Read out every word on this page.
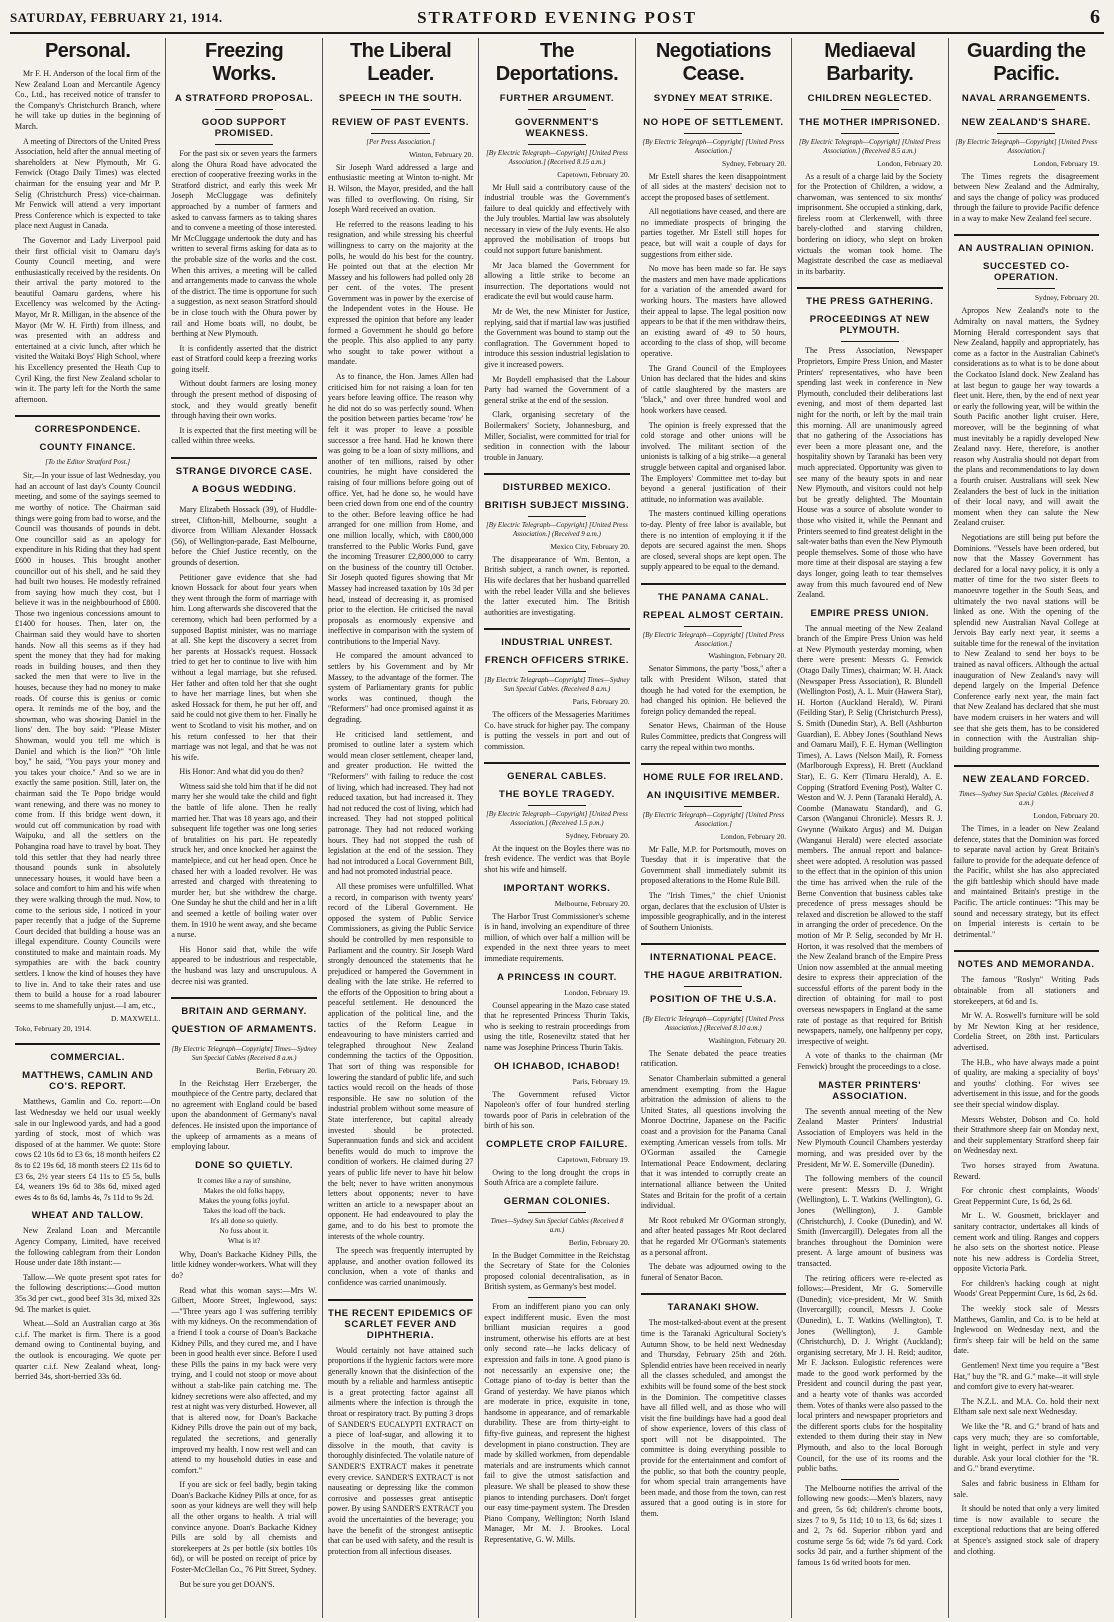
SATURDAY, FEBRUARY 21, 1914.	STRATFORD EVENING POST	6
Personal.

Mr F. H. Anderson of the local firm of the New Zealand Loan and Mercantile Agency Co., Ltd., has received notice of transfer to the Company's Christchurch Branch, where he will take up duties in the beginning of March.

A meeting of Directors of the United Press Association, held after the annual meeting of shareholders at New Plymouth, Mr G. Fenwick (Otago Daily Times) was elected chairman for the ensuing year and Mr P. Selig (Christchurch Press) vice-chairman. Mr Fenwick will attend a very important Press Conference which is expected to take place next August in Canada.

The Governor and Lady Liverpool paid their first official visit to Oamaru day's County Council meeting, and were enthusiastically received by the residents. On their arrival the party motored to the beautiful Oamaru gardens, where his Excellency was welcomed by the Acting-Mayor, Mr R. Milligan, in the absence of the Mayor (Mr W. H. Firth) from illness, and was presented with an address and entertained at a civic lunch, after which he visited the Waitaki Boys' High School, where his Excellency presented the Heath Cup to Cyril King, the first New Zealand scholar to win it. The party left for the North the same afternoon.

CORRESPONDENCE.
COUNTY FINANCE.
[To the Editor Stratford Post.]

Sir,—In your issue of last Wednesday, you had an account of last day's County Council meeting, and some of the sayings seemed to me worthy of notice. The Chairman said things were going from bad to worse, and the Council was thousands of pounds in debt. One councillor said as an apology for expenditure in his Riding that they had spent £600 in houses. This brought another councillor out of his shell, and he said they had built two houses. He modestly refrained from saying how much they cost, but I believe it was in the neighbourhood of £800. Those two ingenious concessions amount to £1400 for houses. Then, later on, the Chairman said they would have to shorten hands. Now all this seems as if they had spent the money that they had for making roads in building houses, and then they sacked the men that were to live in the houses, because they had no money to make roads. Of course this is genius or comic opera. It reminds me of the boy, and the showman, who was showing Daniel in the lions' den. The boy said: "Please Mister Showman, would you tell me which is Daniel and which is the lion?" "Oh little boy," he said, "You pays your money and you takes your choice." And so we are in exactly the same position. Still, later on, the chairman said the Te Popo bridge would want renewing, and there was no money to come from. If this bridge went down, it would cut off communication by road with Waipuku, and all the settlers on the Pohangina road have to travel by boat. They told this settler that they had nearly three thousand pounds sunk in absolutely unnecessary houses, it would have been a solace and comfort to him and his wife when they were walking through the mud. Now, to come to the serious side, I noticed in your paper recently that a judge of the Supreme Court decided that building a house was an illegal expenditure. County Councils were constituted to make and maintain roads. My sympathies are with the back country settlers. I know the kind of houses they have to live in. And to take their rates and use them to build a house for a road labourer seems to me shamefully unjust.—I am, etc.,

D. MAXWELL.
Toko, February 20, 1914.
COMMERCIAL.
MATTHEWS, CAMLIN AND CO'S. REPORT.

Matthews, Gamlin and Co. report:—On last Wednesday we held our usual weekly sale in our Inglewood yards, and had a good yarding of stock, most of which was disposed of at the hammer. We quote: Store cows £2 10s 6d to £3 6s, 18 month heifers £2 8s to £2 19s 6d, 18 month steers £2 11s 6d to £3 6s, 2½ year steers £4 11s to £5 5s, bulls £4, weaners 19s 6d to 38s 6d, mixed aged ewes 4s to 8s 6d, lambs 4s, 7s 11d to 9s 2d.

WHEAT AND TALLOW.

New Zealand Loan and Mercantile Agency Company, Limited, have received the following cablegram from their London House under date 18th instant:—

Tallow.—We quote present spot rates for the following descriptions:—Good mutton 35s 3d per cwt., good beef 31s 3d, mixed 32s 9d. The market is quiet.

Wheat.—Sold an Australian cargo at 36s c.i.f. The market is firm. There is a good demand owing to Continental buying, and the outlook is encouraging. We quote per quarter c.i.f. New Zealand wheat, long-berried 34s, short-berried 33s 6d.

Freezing Works.
A STRATFORD PROPOSAL.
GOOD SUPPORT PROMISED.

For the past six or seven years the farmers along the Ohura Road have advocated the erection of cooperative freezing works in the Stratford district, and early this week Mr Joseph McCluggage was definitely approached by a number of farmers and asked to canvass farmers as to taking shares and to convene a meeting of those interested. Mr McCluggage undertook the duty and has written to several firms asking for data as to the probable size of the works and the cost. When this arrives, a meeting will be called and arrangements made to canvass the whole of the district. The time is opportune for such a suggestion, as next season Stratford should be in close touch with the Ohura power by rail and Home boats will, no doubt, be berthing at New Plymouth.

It is confidently asserted that the district east of Stratford could keep a freezing works going itself.

Without doubt farmers are losing money through the present method of disposing of stock, and they would greatly benefit through having their own works.

It is expected that the first meeting will be called within three weeks.

STRANGE DIVORCE CASE.
A BOGUS WEDDING.

Mary Elizabeth Hossack (39), of Huddle-street, Clifton-hill, Melbourne, sought a divorce from William Alexander Hossack (56), of Wellington-parade, East Melbourne, before the Chief Justice recently, on the grounds of desertion.

Petitioner gave evidence that she had known Hossack for about four years when they went through the form of marriage with him. Long afterwards she discovered that the ceremony, which had been performed by a supposed Baptist minister, was no marriage at all. She kept the discovery a secret from her parents at Hossack's request. Hossack tried to get her to continue to live with him without a legal marriage, but she refused. Her father and often told her that she ought to have her marriage lines, but when she asked Hossack for them, he put her off, and said he could not give them to her. Finally he went to Scotland to visit his mother, and on his return confessed to her that their marriage was not legal, and that he was not his wife.

His Honor: And what did you do then?

Witness said she told him that if he did not marry her she would take the child and fight the battle of life alone. Then he really married her. That was 18 years ago, and their subsequent life together was one long series of brutalities on his part. He repeatedly struck her, and once knocked her against the mantelpiece, and cut her head open. Once he chased her with a loaded revolver. He was arrested and charged with threatening to murder her, but she withdrew the charge. One Sunday he shut the child and her in a lift and seemed a kettle of boiling water over them. In 1910 he went away, and she became a nurse.

His Honor said that, while the wife appeared to be industrious and respectable, the husband was lazy and unscrupulous. A decree nisi was granted.

BRITAIN AND GERMANY.
QUESTION OF ARMAMENTS.
[By Electric Telegraph—Copyright] Times—Sydney Sun Special Cables (Received 8 a.m.)
Berlin, February 20.

In the Reichstag Herr Erzeberger, the mouthpiece of the Centre party, declared that no agreement with England could be based upon the abandonment of Germany's naval defences. He insisted upon the importance of the upkeep of armaments as a means of employing labour.

DONE SO QUIETLY.
It comes like a ray of sunshine,
Makes the old folks happy,
Makes the young folks joyful.
Takes the load off the back.
It's all done so quietly.
No fuss about it.
What is it?

Why, Doan's Backache Kidney Pills, the little kidney wonder-workers. What will they do?

Read what this woman says:—Mrs W. Gilbert, Moore Street, Inglewood, says:—"Three years ago I was suffering terribly with my kidneys. On the recommendation of a friend I took a course of Doan's Backache Kidney Pills, and they cured me, and I have been in good health ever since. Before I used these Pills the pains in my back were very trying, and I could not stoop or move about without a stab-like pain catching me. The kidney secretions were also affected, and my rest at night was very disturbed. However, all that is altered now, for Doan's Backache Kidney Pills drove the pain out of my back, regulated the secretions, and generally improved my health. I now rest well and can attend to my household duties in ease and comfort."

If you are sick or feel badly, begin taking Doan's Backache Kidney Pills at once, for as soon as your kidneys are well they will help all the other organs to health. A trial will convince anyone. Doan's Backache Kidney Pills are sold by all chemists and storekeepers at 2s per bottle (six bottles 10s 6d), or will be posted on receipt of price by Foster-McClellan Co., 76 Pitt Street, Sydney.

But be sure you get DOAN'S.

The Liberal Leader.
SPEECH IN THE SOUTH.
REVIEW OF PAST EVENTS.
[Per Press Association.]
Winton, February 20.

Sir Joseph Ward addressed a large and enthusiastic meeting at Winton to-night. Mr H. Wilson, the Mayor, presided, and the hall was filled to overflowing. On rising, Sir Joseph Ward received an ovation.

He referred to the reasons leading to his resignation, and while stressing his cheerful willingness to carry on the majority at the polls, he would do his best for the country. He pointed out that at the election Mr Massey and his followers had polled only 28 per cent. of the votes. The present Government was in power by the exercise of the Independent votes in the House. He expressed the opinion that before any leader formed a Government he should go before the people. This also applied to any party who sought to take power without a mandate.

As to finance, the Hon. James Allen had criticised him for not raising a loan for ten years before leaving office. The reason why he did not do so was perfectly sound. When the position between parties became 'row' he felt it was proper to leave a possible successor a free hand. Had he known there was going to be a loan of sixty millions, and another of ten millions, raised by other countries, he might have considered the raising of four millions before going out of office. Yet, had he done so, he would have been cried down from one end of the country to the other. Before leaving office he had arranged for one million from Home, and one million locally, which, with £800,000 transferred to the Public Works Fund, gave the incoming Treasurer £2,800,000 to carry on the business of the country till October. Sir Joseph quoted figures showing that Mr Massey had increased taxation by 10s 3d per head, instead of decreasing it, as promised prior to the election. He criticised the naval proposals as enormously expensive and ineffective in comparison with the system of contributions to the Imperial Navy.

He compared the amount advanced to settlers by his Government and by Mr Massey, to the advantage of the former. The system of Parliamentary grants for public works was continued, though the "Reformers" had once promised against it as degrading.

He criticised land settlement, and promised to outline later a system which would mean closer settlement, cheaper land, and greater production. He twitted the "Reformers" with failing to reduce the cost of living, which had increased. They had not reduced taxation, but had increased it. They had not reduced the cost of living, which had increased. They had not stopped political patronage. They had not reduced working hours. They had not stopped the rush of legislation at the end of the session. They had not introduced a Local Government Bill, and had not promoted industrial peace.

All these promises were unfulfilled. What a record, in comparison with twenty years' record of the Liberal Government. He opposed the system of Public Service Commissioners, as giving the Public Service should be controlled by men responsible to Parliament and the country. Sir Joseph Ward strongly denounced the statements that he prejudiced or hampered the Government in dealing with the late strike. He referred to the efforts of the Opposition to bring about a peaceful settlement. He denounced the application of the political line, and the tactics of the Reform League in endeavouring to have ministers carried and telegraphed throughout New Zealand condemning the tactics of the Opposition. That sort of thing was responsible for lowering the standard of public life, and such tactics would recoil on the heads of those responsible. He saw no solution of the industrial problem without some measure of State interference, but capital already invested should be protected. Superannuation funds and sick and accident benefits would do much to improve the condition of workers. He claimed during 27 years of public life never to have hit below the belt; never to have written anonymous letters about opponents; never to have written an article to a newspaper about an opponent. He had endeavoured to play the game, and to do his best to promote the interests of the whole country.

The speech was frequently interrupted by applause, and another ovation followed its conclusion, when a vote of thanks and confidence was carried unanimously.

THE RECENT EPIDEMICS OF SCARLET FEVER AND DIPHTHERIA.

Would certainly not have attained such proportions if the hygienic factors were more generally known that the disinfection of the mouth by a reliable and harmless antiseptic is a great protecting factor against all ailments where the infection is through the throat or respiratory tract. By putting 3 drops of SANDER'S EUCALYPTI EXTRACT on a piece of loaf-sugar, and allowing it to dissolve in the mouth, that cavity is thoroughly disinfected. The volatile nature of SANDER'S EXTRACT makes it penetrate every crevice. SANDER'S EXTRACT is not nauseating or depressing like the common corrosive and possesses great antiseptic power. By using SANDER'S EXTRACT you avoid the uncertainties of the beverage; you have the benefit of the strongest antiseptic that can be used with safety, and the result is protection from all infectious diseases.

The Deportations.
FURTHER ARGUMENT.
GOVERNMENT'S WEAKNESS.
[By Electric Telegraph—Copyright] [United Press Association.] (Received 8.15 a.m.)
Capetown, February 20.

Mr Hull said a contributory cause of the industrial trouble was the Government's failure to deal quickly and effectively with the July troubles. Martial law was absolutely necessary in view of the July events. He also approved the mobilisation of troops but could not support future banishment.

Mr Jaca blamed the Government for allowing a little strike to become an insurrection. The deportations would not eradicate the evil but would cause harm.

Mr de Wet, the new Minister for Justice, replying, said that if martial law was justified the Government was bound to stamp out the conflagration. The Government hoped to introduce this session industrial legislation to give it increased powers.

Mr Boydell emphasised that the Labour Party had warned the Government of a general strike at the end of the session.

Clark, organising secretary of the Boilermakers' Society, Johannesburg, and Miller, Socialist, were committed for trial for sedition in connection with the labour trouble in January.

DISTURBED MEXICO.
BRITISH SUBJECT MISSING.
[By Electric Telegraph—Copyright] [United Press Association.] (Received 9 a.m.)
Mexico City, February 20.

The disappearance of Wm. Benton, a British subject, a ranch owner, is reported. His wife declares that her husband quarrelled with the rebel leader Villa and she believes the latter executed him. The British authorities are investigating.

INDUSTRIAL UNREST.
FRENCH OFFICERS STRIKE.
[By Electric Telegraph—Copyright] Times—Sydney Sun Special Cables. (Received 8 a.m.)
Paris, February 20.

The officers of the Messageries Maritimes Co. have struck for higher pay. The company is putting the vessels in port and out of commission.

GENERAL CABLES.
THE BOYLE TRAGEDY.
[By Electric Telegraph—Copyright] [United Press Association.] (Received 1.5 p.m.)
Sydney, February 20.

At the inquest on the Boyles there was no fresh evidence. The verdict was that Boyle shot his wife and himself.

IMPORTANT WORKS.
Melbourne, February 20.

The Harbor Trust Commissioner's scheme is in hand, involving an expenditure of three million, of which over half a million will be expended in the next three years to meet immediate requirements.

A PRINCESS IN COURT.
London, February 19.

Counsel appearing in the Mazo case stated that he represented Princess Thurin Takis, who is seeking to restrain proceedings from using the title, Roseneviltz stated that her name was Josephine Princess Thurin Takis.

OH ICHABOD, ICHABOD!
Paris, February 19.

The Government refused Victor Napoleon's offer of four hundred sterling towards poor of Paris in celebration of the birth of his son.

COMPLETE CROP FAILURE.
Capetown, February 19.

Owing to the long drought the crops in South Africa are a complete failure.

GERMAN COLONIES.
Times—Sydney Sun Special Cables (Received 8 a.m.)
Berlin, February 20.

In the Budget Committee in the Reichstag the Secretary of State for the Colonies proposed colonial decentralisation, as in British system, as Germany's best model.

From an indifferent piano you can only expect indifferent music. Even the most brilliant musician requires a good instrument, otherwise his efforts are at best only second rate—he lacks delicacy of expression and fails in tone. A good piano is not necessarily an expensive one; the Cottage piano of to-day is better than the Grand of yesterday. We have pianos which are moderate in price, exquisite in tone, handsome in appearance, and of remarkable durability. These are from thirty-eight to fifty-five guineas, and represent the highest development in piano construction. They are made by skilled workmen, from dependable materials and are instruments which cannot fail to give the utmost satisfaction and pleasure. We shall be pleased to show these pianos to intending purchasers. Don't forget our easy time-payment system. The Dresden Piano Company, Wellington; North Island Manager, Mr M. J. Brookes. Local Representative, G. W. Mills.

Negotiations Cease.
SYDNEY MEAT STRIKE.
NO HOPE OF SETTLEMENT.
[By Electric Telegraph—Copyright] [United Press Association.]
Sydney, February 20.

Mr Estell shares the keen disappointment of all sides at the masters' decision not to accept the proposed bases of settlement.

All negotiations have ceased, and there are no immediate prospects of bringing the parties together. Mr Estell still hopes for peace, but will wait a couple of days for suggestions from either side.

No move has been made so far. He says the masters and men have made applications for a variation of the amended award for working hours. The masters have allowed their appeal to lapse. The legal position now appears to be that if the men withdraw theirs, an existing award of 49 to 50 hours, according to the class of shop, will become operative.

The Grand Council of the Employees Union has declared that the hides and skins of cattle slaughtered by the masters are "black," and over three hundred wool and hook workers have ceased.

The opinion is freely expressed that the cold storage and other unions will be involved. The militant section of the unionists is talking of a big strike—a general struggle between capital and organised labor. The Employers' Committee met to-day but beyond a general justification of their attitude, no information was available.

The masters continued killing operations to-day. Plenty of free labor is available, but there is no intention of employing it if the depots are secured against the men. Shops are closed, several shops are kept open. The supply appeared to be equal to the demand.

THE PANAMA CANAL.
REPEAL ALMOST CERTAIN.
[By Electric Telegraph—Copyright] [United Press Association.]
Washington, February 20.

Senator Simmons, the party "boss," after a talk with President Wilson, stated that though he had voted for the exemption, he had changed his opinion. He believed the foreign policy demanded the repeal.

Senator Hews, Chairman of the House Rules Committee, predicts that Congress will carry the repeal within two months.

HOME RULE FOR IRELAND.
AN INQUISITIVE MEMBER.
[By Electric Telegraph—Copyright] [United Press Association.]
London, February 20.

Mr Falle, M.P. for Portsmouth, moves on Tuesday that it is imperative that the Government shall immediately submit its proposed alterations to the Home Rule Bill.

The "Irish Times," the chief Unionist organ, declares that the exclusion of Ulster is impossible geographically, and in the interest of Southern Unionists.

INTERNATIONAL PEACE.
THE HAGUE ARBITRATION.
POSITION OF THE U.S.A.
[By Electric Telegraph—Copyright] [United Press Association.] (Received 8.10 a.m.)
Washington, February 20.

The Senate debated the peace treaties ratification.

Senator Chamberlain submitted a general amendment exempting from the Hague arbitration the admission of aliens to the United States, all questions involving the Monroe Doctrine, Japanese on the Pacific coast and a provision for the Panama Canal exempting American vessels from tolls. Mr O'Gorman assailed the Carnegie International Peace Endowment, declaring that it was intended to corruptly create an international alliance between the United States and Britain for the profit of a certain individual.

Mr Root rebuked Mr O'Gorman strongly, and after heated passages Mr Root declared that he regarded Mr O'Gorman's statements as a personal affront.

The debate was adjourned owing to the funeral of Senator Bacon.

TARANAKI SHOW.

The most-talked-about event at the present time is the Taranaki Agricultural Society's Autumn Show, to be held next Wednesday and Thursday, February 25th and 26th. Splendid entries have been received in nearly all the classes scheduled, and amongst the exhibits will be found some of the best stock in the Dominion. The competitive classes have all filled well, and as those who will visit the fine buildings have had a good deal of show experience, lovers of this class of sport will not be disappointed. The committee is doing everything possible to provide for the entertainment and comfort of the public, so that both the country people, for whom special train arrangements have been made, and those from the town, can rest assured that a good outing is in store for them.

Mediaeval Barbarity.
CHILDREN NEGLECTED.
THE MOTHER IMPRISONED.
[By Electric Telegraph—Copyright] [United Press Association.] (Received 8.5 a.m.)
London, February 20.

As a result of a charge laid by the Society for the Protection of Children, a widow, a charwoman, was sentenced to six months' imprisonment. She occupied a stinking, dark, fireless room at Clerkenwell, with three barely-clothed and starving children, bordering on idiocy, who slept on broken victuals the woman took home. The Magistrate described the case as mediaeval in its barbarity.

THE PRESS GATHERING.
PROCEEDINGS AT NEW PLYMOUTH.

The Press Association, Newspaper Proprietors, Empire Press Union, and Master Printers' representatives, who have been spending last week in conference in New Plymouth, concluded their deliberations last evening, and most of them departed last night for the north, or left by the mail train this morning. All are unanimously agreed that no gathering of the Associations has ever been a more pleasant one, and the hospitality shown by Taranaki has been very much appreciated. Opportunity was given to see many of the beauty spots in and near New Plymouth, and visitors could not help but be greatly delighted. The Mountain House was a source of absolute wonder to those who visited it, while the Pennant and Printers seemed to find greatest delight in the salt-water baths than even the New Plymouth people themselves. Some of those who have more time at their disposal are staying a few days longer, going leath to tear themselves away from this much favoured end of New Zealand.

EMPIRE PRESS UNION.

The annual meeting of the New Zealand branch of the Empire Press Union was held at New Plymouth yesterday morning, when there were present: Messrs G. Fenwick (Otago Daily Times), chairman; W. H. Atack (Newspaper Press Association), R. Blundell (Wellington Post), A. L. Muir (Hawera Star), H. Horton (Auckland Herald), W. Pirani (Feilding Star), P. Selig (Christchurch Press), S. Smith (Dunedin Star), A. Bell (Ashburton Guardian), E. Abbey Jones (Southland News and Oamaru Mail), F. E. Hyman (Wellington Times), A. Laws (Nelson Mail), R. Forness (Marlborough Express), H. Brett (Auckland Star), E. G. Kerr (Timaru Herald), A. E. Copping (Stratford Evening Post), Walter C. Weston and W. J. Penn (Taranaki Herald), A. Coombe (Manawatu Standard), and G. Carson (Wanganui Chronicle). Messrs R. J. Gwynne (Waikato Argus) and M. Duigan (Wanganui Herald) were elected associate members. The annual report and balance-sheet were adopted. A resolution was passed to the effect that in the opinion of this union the time has arrived when the rule of the Berne Convention that business cables take precedence of press messages should be relaxed and discretion be allowed to the staff in arranging the order of precedence. On the motion of Mr P. Selig, seconded by Mr H. Horton, it was resolved that the members of the New Zealand branch of the Empire Press Union now assembled at the annual meeting desire to express their appreciation of the successful efforts of the parent body in the direction of obtaining for mail to post overseas newspapers in England at the same rate of postage as that required for British newspapers, namely, one halfpenny per copy, irrespective of weight.

A vote of thanks to the chairman (Mr Fenwick) brought the proceedings to a close.

MASTER PRINTERS' ASSOCIATION.

The seventh annual meeting of the New Zealand Master Printers' Industrial Association of Employers was held in the New Plymouth Council Chambers yesterday morning, and was presided over by the President, Mr W. E. Somerville (Dunedin).

The following members of the council were present: Messrs D. J. Wright (Wellington), L. T. Watkins (Wellington), G. Jones (Wellington), J. Gamble (Christchurch), J. Cooke (Dunedin), and W. Smith (Invercargill). Delegates from all the branches throughout the Dominion were present. A large amount of business was transacted.

The retiring officers were re-elected as follows:—President, Mr G. Somerville (Dunedin); vice-president, Mr W. Smith (Invercargill); council, Messrs J. Cooke (Dunedin), L. T. Watkins (Wellington), T. Jones (Wellington), J. Gamble (Christchurch), D. J. Wright (Auckland); organising secretary, Mr J. H. Reid; auditor, Mr F. Jackson. Eulogistic references were made to the good work performed by the President and council during the past year, and a hearty vote of thanks was accorded them. Votes of thanks were also passed to the local printers and newspaper proprietors and the different sports clubs for the hospitality extended to them during their stay in New Plymouth, and also to the local Borough Council, for the use of its rooms and the public baths.

The Melbourne notifies the arrival of the following new goods:—Men's blazers, navy and green, 5s 6d; children's chrome boots, sizes 7 to 9, 5s 11d; 10 to 13, 6s 6d; sizes 1 and 2, 7s 6d. Superior ribbon yard and costume serge 5s 6d; wide 7s 6d yard. Cork socks 3d pair, and a further shipment of the famous 1s 6d writed boots for men.

Guarding the Pacific.
NAVAL ARRANGEMENTS.
NEW ZEALAND'S SHARE.
[By Electric Telegraph—Copyright] [United Press Association.]
London, February 19.

The Times regrets the disagreement between New Zealand and the Admiralty, and says the change of policy was produced through the failure to provide Pacific defence in a way to make New Zealand feel secure.

AN AUSTRALIAN OPINION.
SUCCESTED CO-OPERATION.
Sydney, February 20.

Apropos New Zealand's note to the Admiralty on naval matters, the Sydney Morning Herald correspondent says that New Zealand, happily and appropriately, has come as a factor in the Australian Cabinet's considerations as to what is to be done about the Cockatoo Island dock. New Zealand has at last begun to gauge her way towards a fleet unit. Here, then, by the end of next year or early the following year, will be within the South Pacific another light cruiser. Here, moreover, will be the beginning of what must inevitably be a rapidly developed New Zealand navy. Here, therefore, is another reason why Australia should not depart from the plans and recommendations to lay down a fourth cruiser. Australians will seek New Zealanders the best of luck in the initiation of their local navy, and will await the moment when they can salute the New Zealand cruiser.

Negotiations are still being put before the Dominions. "Vessels have been ordered, but now that the Massey Government has declared for a local navy policy, it is only a matter of time for the two sister fleets to manoeuvre together in the South Seas, and ultimately the two naval stations will be linked as one. With the opening of the splendid new Australian Naval College at Jervois Bay early next year, it seems a suitable time for the renewal of the invitation to New Zealand to send her boys to be trained as naval officers. Although the actual inauguration of New Zealand's navy will depend largely on the Imperial Defence Conference early next year, the main fact that New Zealand has declared that she must have modern cruisers in her waters and will see that she gets them, has to be considered in connection with the Australian ship-building programme.

NEW ZEALAND FORCED.
Times—Sydney Sun Special Cables. (Received 8 a.m.)
London, February 20.

The Times, in a leader on New Zealand defence, states that the Dominion was forced to separate naval action by Great Britain's failure to provide for the adequate defence of the Pacific, whilst she has also appreciated the gift battleship which should have made and maintained Britain's prestige in the Pacific. The article continues: "This may be sound and necessary strategy, but its effect on Imperial interests is certain to be detrimental."

NOTES AND MEMORANDA.

The famous "Roslyn" Writing Pads obtainable from all stationers and storekeepers, at 6d and 1s.

Mr W. A. Roswell's furniture will be sold by Mr Newton King at her residence, Cordelia Street, on 28th inst. Particulars advertised.

The H.B., who have always made a point of quality, are making a speciality of boys' and youths' clothing. For wives see advertisement in this issue, and for the goods see their special window display.

Messrs Webster, Dobson and Co. hold their Strathmore sheep fair on Monday next, and their supplementary Stratford sheep fair on Wednesday next.

Two horses strayed from Awatuna. Reward.

For chronic chest complaints, Woods' Great Peppermint Cure, 1s 6d, 2s 6d.

Mr L. W. Gousmett, bricklayer and sanitary contractor, undertakes all kinds of cement work and tiling. Ranges and coppers he also sets on the shortest notice. Please note his new address is Cordelia Street, opposite Victoria Park.

For children's hacking cough at night Woods' Great Peppermint Cure, 1s 6d, 2s 6d.

The weekly stock sale of Messrs Matthews, Gamlin, and Co. is to be held at Inglewood on Wednesday next, and the firm's sheep fair will be held on the same date.

Gentlemen! Next time you require a "Best Hat," buy the "R. and G." make—it will style and comfort give to every hat-wearer.

The N.Z.L. and M.A. Co. hold their next Eltham sale next sale next Wednesday.

We like the "R. and G." brand of hats and caps very much; they are so comfortable, light in weight, perfect in style and very durable. Ask your local clothier for the "R. and G." brand everytime.

Sales and fabric business in Eltham for sale.

It should be noted that only a very limited time is now available to secure the exceptional reductions that are being offered at Spence's assigned stock sale of drapery and clothing.
